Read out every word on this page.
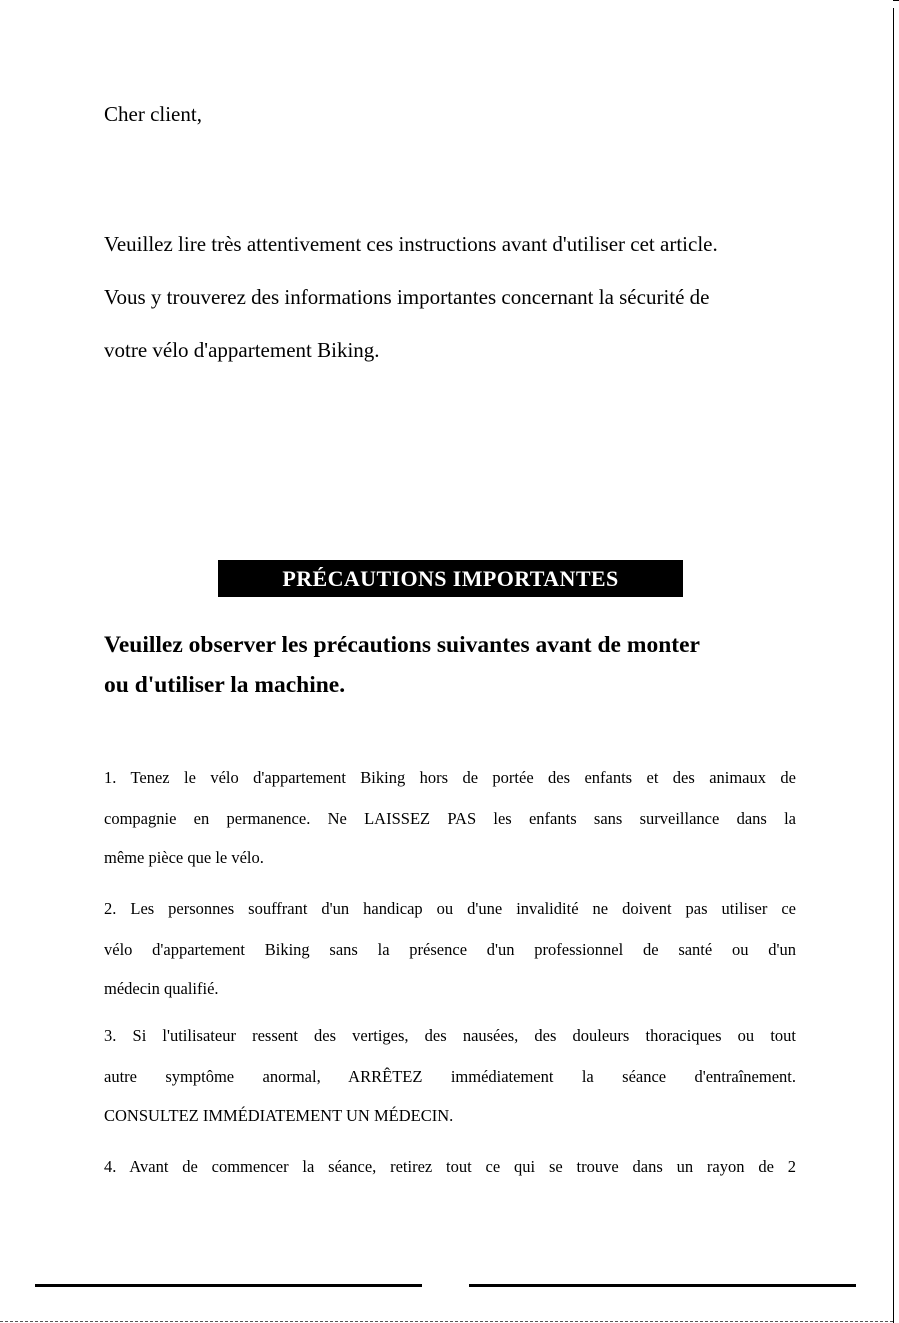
Cher client,
Veuillez lire très attentivement ces instructions avant d'utiliser cet article.
Vous y trouverez des informations importantes concernant la sécurité de
votre vélo d'appartement Biking.
PRÉCAUTIONS IMPORTANTES
Veuillez observer les précautions suivantes avant de monter
ou d'utiliser la machine.
1. Tenez le vélo d'appartement Biking hors de portée des enfants et des animaux de
compagnie en permanence. Ne LAISSEZ PAS les enfants sans surveillance dans la
même pièce que le vélo.
2. Les personnes souffrant d'un handicap ou d'une invalidité ne doivent pas utiliser ce
vélo d'appartement Biking sans la présence d'un professionnel de santé ou d'un
médecin qualifié.
3. Si l'utilisateur ressent des vertiges, des nausées, des douleurs thoraciques ou tout
autre symptôme anormal, ARRÊTEZ immédiatement la séance d'entraînement.
CONSULTEZ IMMÉDIATEMENT UN MÉDECIN.
4. Avant de commencer la séance, retirez tout ce qui se trouve dans un rayon de 2
